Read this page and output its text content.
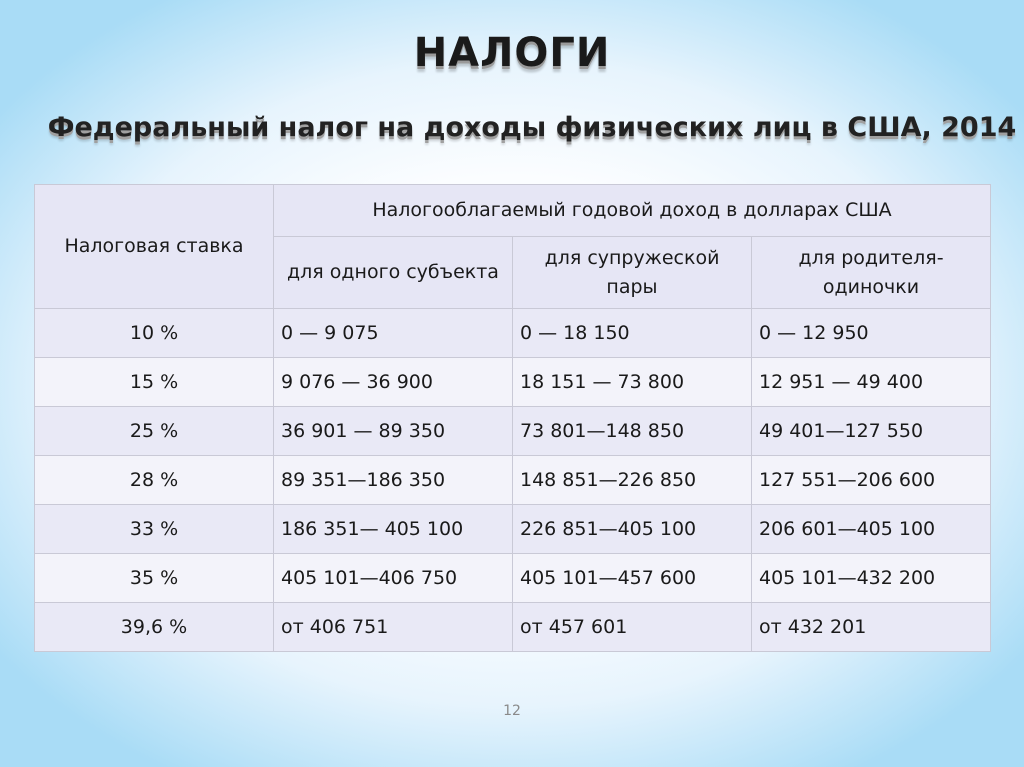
НАЛОГИ
Федеральный налог на доходы физических лиц в США, 2014
Налоговая ставка	Налогооблагаемый годовой доход в долларах США		
	для одного субъекта	для супружеской пары	для родителя-одиночки
10 %	0 — 9 075	0 — 18 150	0 — 12 950
15 %	9 076 — 36 900	18 151 — 73 800	12 951 — 49 400
25 %	36 901 — 89 350	73 801—148 850	49 401—127 550
28 %	89 351—186 350	148 851—226 850	127 551—206 600
33 %	186 351— 405 100	226 851—405 100	206 601—405 100
35 %	405 101—406 750	405 101—457 600	405 101—432 200
39,6 %	от 406 751	от 457 601	от 432 201
12
